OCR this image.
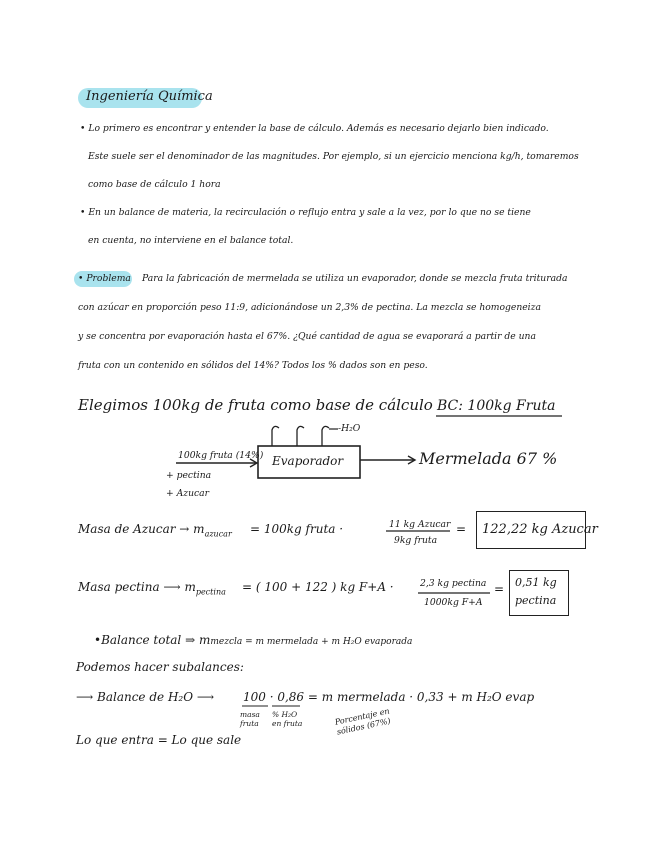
Ingeniería Química
• Lo primero es encontrar y entender la base de cálculo. Además es necesario dejarlo bien indicado.
Este suele ser el denominador de las magnitudes. Por ejemplo, si un ejercicio menciona kg/h, tomaremos
como base de cálculo 1 hora
• En un balance de materia, la recirculación o reflujo entra y sale a la vez, por lo que no se tiene
en cuenta, no interviene en el balance total.
• Problema Para la fabricación de mermelada se utiliza un evaporador, donde se mezcla fruta triturada
con azúcar en proporción peso 11:9, adicionándose un 2,3% de pectina. La mezcla se homogeneiza
y se concentra por evaporación hasta el 67%. ¿Qué cantidad de agua se evaporará a partir de una
fruta con un contenido en sólidos del 14%? Todos los % dados son en peso.
Elegimos 100kg de fruta como base de cálculo BC: 100kg Fruta
-H₂O
100kg fruta (14%)
+ pectina
+ Azucar
Evaporador	Mermelada 67 %
Masa de Azucar → $m_{azucar} = 100kg$ fruta ·	11 kg Azucar
9kg fruta
= 122,22 kg Azucar
Masa pectina ⟶ $m_{pectina}$ = ( 100 + 122 ) kg F+A ·	2,3 kg pectina
1000kg F+A
= 0,51 kg
pectina
•Balance total ⇒ mmezcla = m mermelada + m H₂O evaporada
Podemos hacer subalances:
⟶ Balance de H₂O ⟶ 100 · 0,86 = m mermelada · 0,33 + m H₂O evap
masa fruta
% H₂O en fruta	Porcentaje en sólidos (67%)
Lo que entra = Lo que sale
